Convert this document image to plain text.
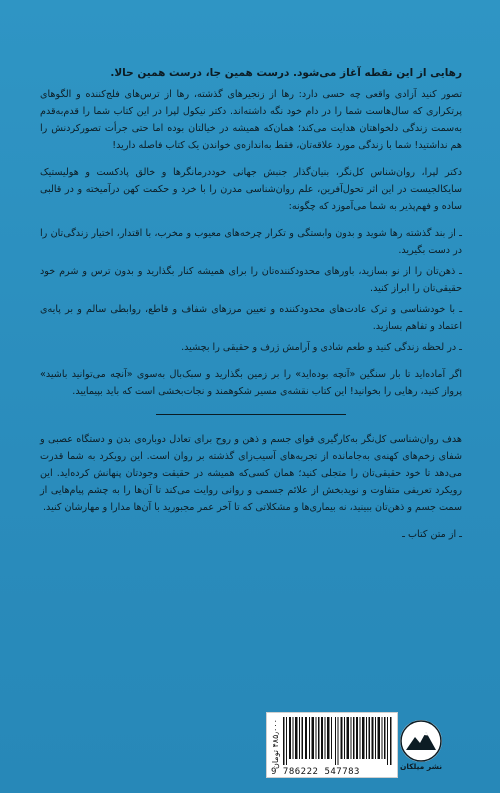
رهایی از این نقطه آغاز می‌شود. درست همین جا، درست همین حالا.

تصور کنید آزادی واقعی چه حسی دارد: رها از زنجیرهای گذشته، رها از ترس‌های فلج‌کننده و الگوهای پرتکراری که سال‌هاست شما را در دام خود نگه داشته‌اند. دکتر نیکول لپرا در این کتاب شما را قدم‌به‌قدم به‌سمت زندگی دلخواهتان هدایت می‌کند؛ همان‌که همیشه در خیالتان بوده اما حتی جرأت تصورکردنش را هم نداشتید! شما با زندگی مورد علاقه‌تان، فقط به‌اندازه‌ی خواندن یک کتاب فاصله دارید!

دکتر لپرا، روان‌شناس کل‌نگر، بنیان‌گذار جنبش جهانی خوددرمانگرها و خالق پادکست و هولیستیک سایکالجیست در این اثر تحول‌آفرین، علم روان‌شناسی مدرن را با خرد و حکمت کهن درآمیخته و در قالبی ساده و فهم‌پذیر به شما می‌آموزد که چگونه:

ـ از بند گذشته رها شوید و بدون وابستگی و تکرار چرخه‌های معیوب و مخرب، با اقتدار، اختیار زندگی‌تان را در دست بگیرید.
ـ ذهن‌تان را از نو بسازید، باورهای محدودکننده‌تان را برای همیشه کنار بگذارید و بدون ترس و شرم خود حقیقی‌تان را ابراز کنید.
ـ با خودشناسی و ترک عادت‌های محدودکننده و تعیین مرزهای شفاف و قاطع، روابطی سالم و بر پایه‌ی اعتماد و تفاهم بسازید.
ـ در لحظه زندگی کنید و طعم شادی و آرامش ژرف و حقیقی را بچشید.

اگر آماده‌اید تا بار سنگین «آنچه بوده‌اید» را بر زمین بگذارید و سبک‌بال به‌سوی «آنچه می‌توانید باشید» پرواز کنید، رهایی را بخوانید! این کتاب نقشه‌ی مسیر شکوهمند و نجات‌بخشی است که باید بپیمایید.

هدف روان‌شناسی کل‌نگر به‌کارگیری قوای جسم و ذهن و روح برای تعادل دوباره‌ی بدن و دستگاه عصبی و شفای زخم‌های کهنه‌ی به‌جامانده از تجربه‌های آسیب‌زای گذشته بر روان است. این رویکرد به شما قدرت می‌دهد تا خود حقیقی‌تان را متجلی کنید؛ همان کسی‌که همیشه در حقیقت وجودتان پنهانش کرده‌اید. این رویکرد تعریفی متفاوت و نویدبخش از علائم جسمی و روانی روایت می‌کند تا آن‌ها را به چشم پیام‌هایی از سمت جسم و ذهن‌تان ببینید، نه بیماری‌ها و مشکلاتی که تا آخر عمر مجبورید با آن‌ها مدارا و مهارشان کنید.

ـ از متن کتاب ـ
۴۸۵٫۰۰۰ تومان
9 786222 547783
نشر میلکان
